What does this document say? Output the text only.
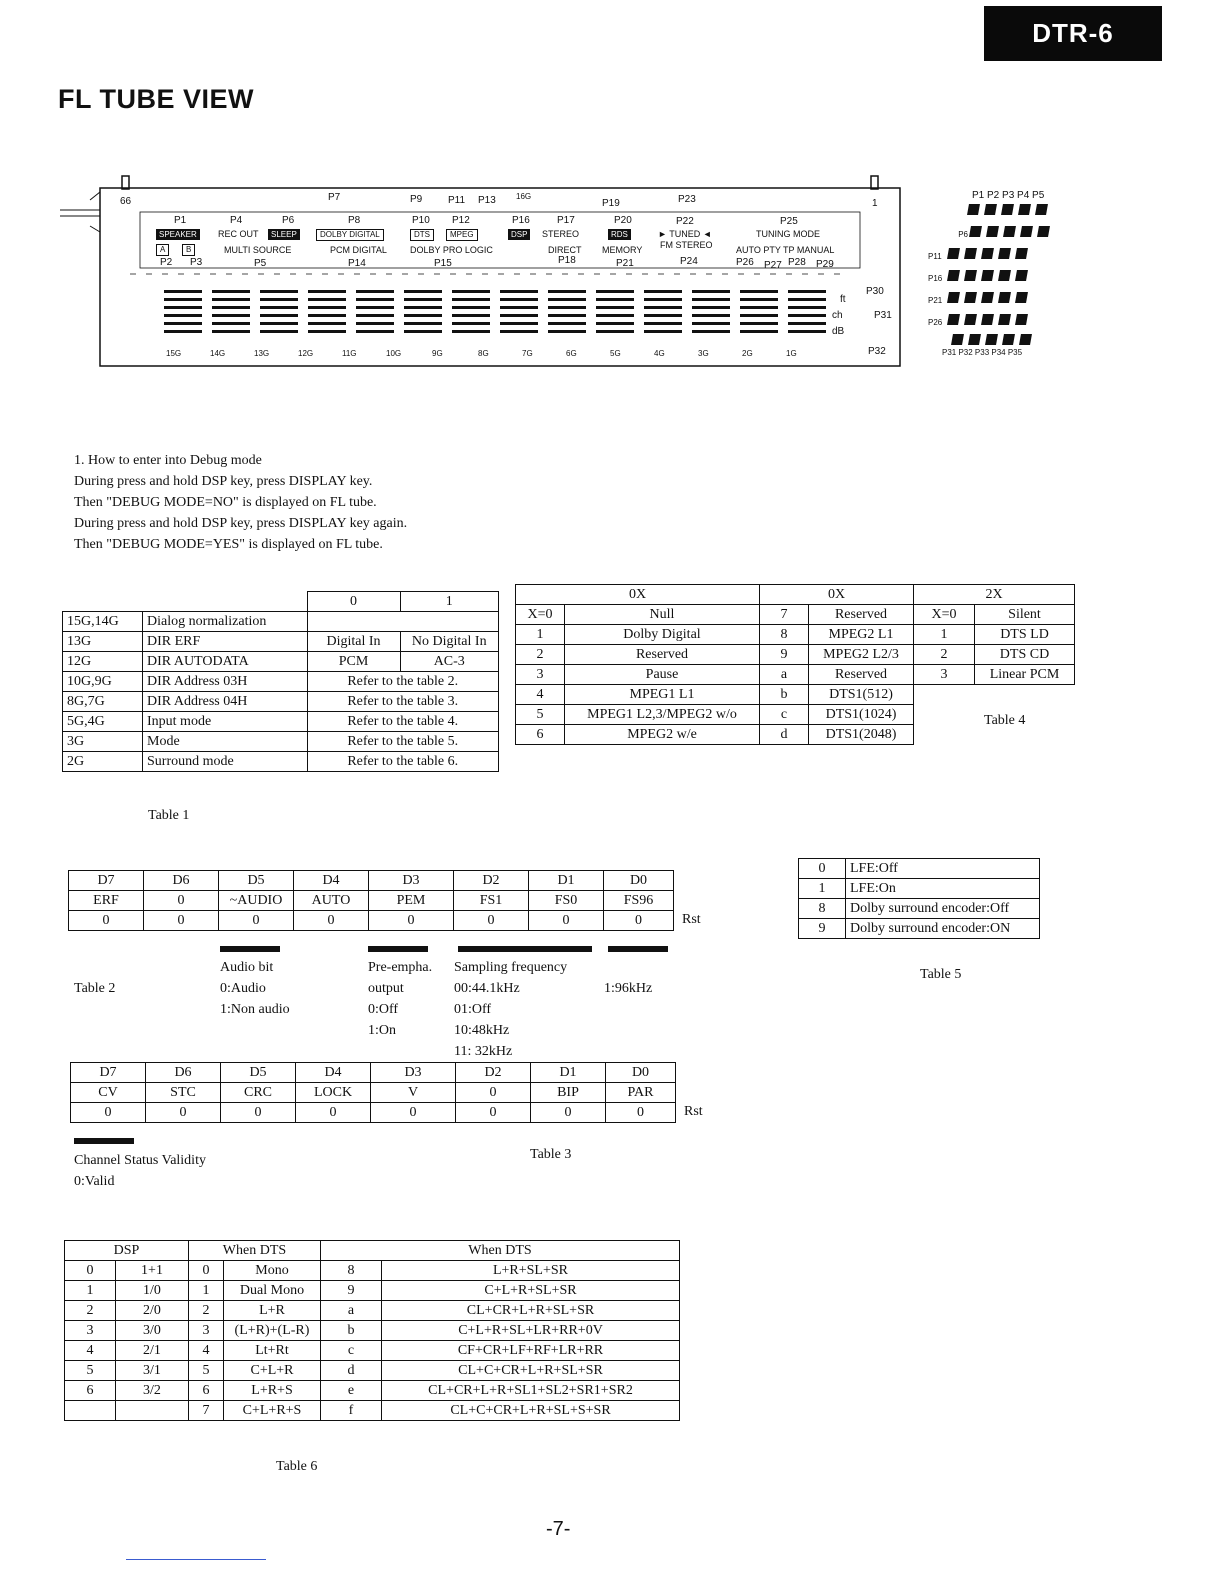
DTR-6
FL TUBE VIEW
66	1
P7	P9	P11 P13	16G
P19	P23
P1	P4	P6	P8	P10 P12	P16	P17	P20	P22	P25
SPEAKER	REC OUT	SLEEP	DOLBY DIGITAL	DTS	MPEG	DSP	STEREO	RDS	► TUNED ◄	TUNING MODE
A	B	MULTI SOURCE	PCM DIGITAL	DOLBY PRO LOGIC	DIRECT MEMORY FM STEREO	AUTO PTY TP MANUAL
P2 P3	P5	P14	P15	P18	P21	P24	P26 P27 P28 P29
ft
ch
dB
P30
P31
P32
15G	14G	13G	12G	11G	10G	9G	8G	7G	6G	5G	4G	3G	2G	1G
P1 P2 P3 P4 P5
P6
P11
P16
P21
P26
P31 P32 P33 P34 P35
1. How to enter into Debug mode
During press and hold DSP key, press DISPLAY key.
Then "DEBUG MODE=NO" is displayed on FL tube.
During press and hold DSP key, press DISPLAY key again.
Then "DEBUG MODE=YES" is displayed on FL tube.
		0	1
15G,14G	Dialog normalization		
13G	DIR ERF	Digital In	No Digital In
12G	DIR AUTODATA	PCM	AC-3
10G,9G	DIR Address 03H	Refer to the table 2.	
8G,7G	DIR Address 04H	Refer to the table 3.	
5G,4G	Input mode	Refer to the table 4.	
3G	Mode	Refer to the table 5.	
2G	Surround mode	Refer to the table 6.	
Table 1
0X		0X		2X	
X=0	Null	7	Reserved	X=0	Silent
1	Dolby Digital	8	MPEG2 L1	1	DTS LD
2	Reserved	9	MPEG2 L2/3	2	DTS CD
3	Pause	a	Reserved	3	Linear PCM
4	MPEG1 L1	b	DTS1(512)		
5	MPEG1 L2,3/MPEG2 w/o	c	DTS1(1024)		
6	MPEG2 w/e	d	DTS1(2048)		
Table 4
D7	D6	D5	D4	D3	D2	D1	D0
ERF	0	~AUDIO	AUTO	PEM	FS1	FS0	FS96
0	0	0	0	0	0	0	0	Rst
Table 2
Audio bit
0:Audio
1:Non audio
Pre-empha.
output
0:Off
1:On
Sampling frequency
00:44.1kHz
01:Off
10:48kHz
11: 32kHz
1:96kHz
D7	D6	D5	D4	D3	D2	D1	D0
CV	STC	CRC	LOCK	V	0	BIP	PAR
0	0	0	0	0	0	0	0	Rst
Channel Status Validity
0:Valid
Table 3
0	LFE:Off
1	LFE:On
8	Dolby surround encoder:Off
9	Dolby surround encoder:ON
Table 5
DSP		When DTS		When DTS	
0	1+1	0	Mono	8	L+R+SL+SR
1	1/0	1	Dual Mono	9	C+L+R+SL+SR
2	2/0	2	L+R	a	CL+CR+L+R+SL+SR
3	3/0	3	(L+R)+(L-R)	b	C+L+R+SL+LR+RR+0V
4	2/1	4	Lt+Rt	c	CF+CR+LF+RF+LR+RR
5	3/1	5	C+L+R	d	CL+C+CR+L+R+SL+SR
6	3/2	6	L+R+S	e	CL+CR+L+R+SL1+SL2+SR1+SR2
		7	C+L+R+S	f	CL+C+CR+L+R+SL+S+SR
Table 6
-7-
